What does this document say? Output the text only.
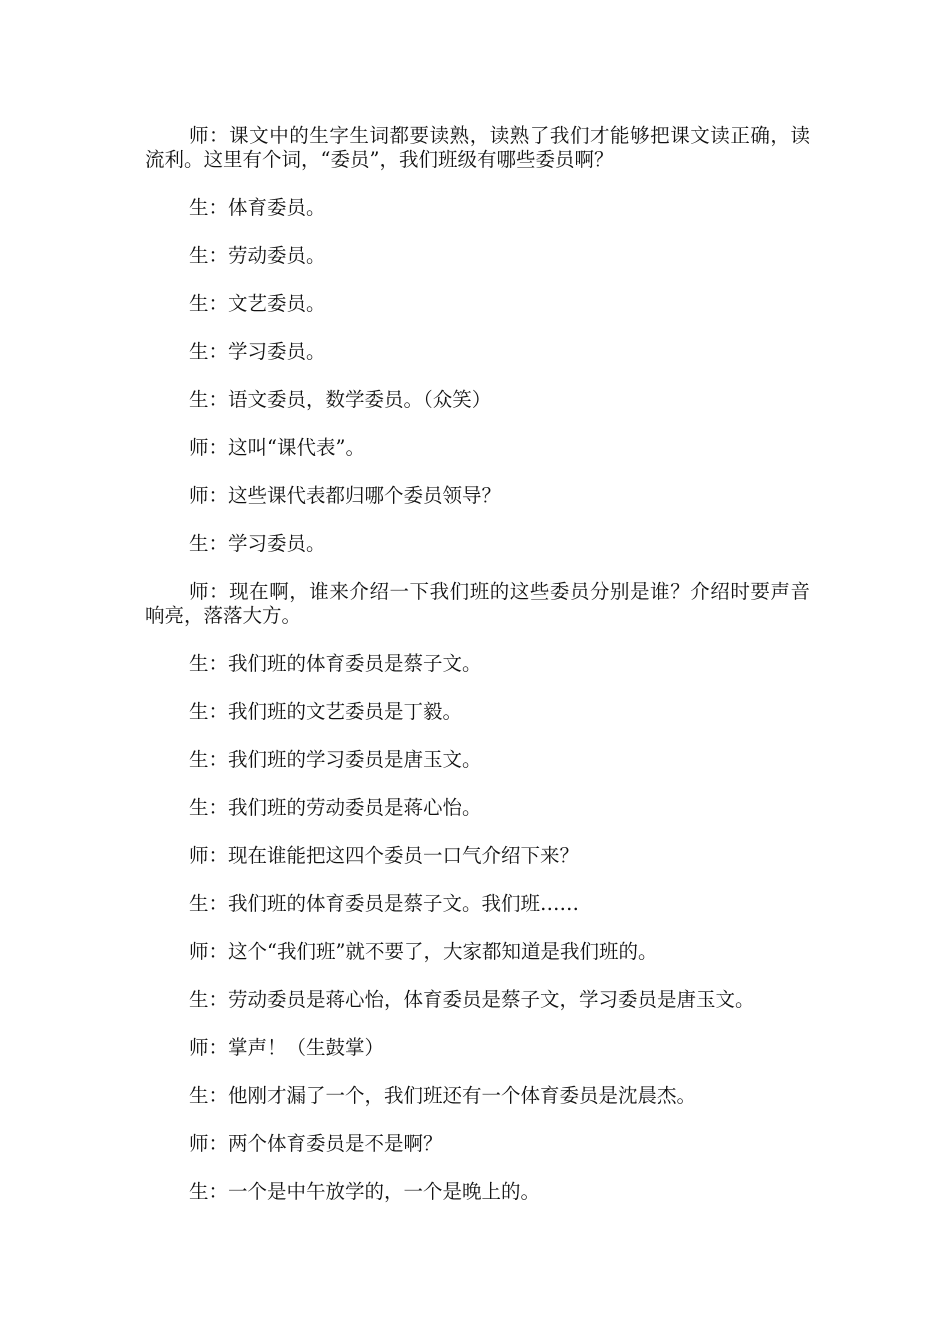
师：课文中的生字生词都要读熟，读熟了我们才能够把课文读正确，读流利。这里有个词，“委员”，我们班级有哪些委员啊？

生：体育委员。

生：劳动委员。

生：文艺委员。

生：学习委员。

生：语文委员，数学委员。（众笑）

师：这叫“课代表”。

师：这些课代表都归哪个委员领导？

生：学习委员。

师：现在啊，谁来介绍一下我们班的这些委员分别是谁？介绍时要声音响亮，落落大方。

生：我们班的体育委员是蔡子文。

生：我们班的文艺委员是丁毅。

生：我们班的学习委员是唐玉文。

生：我们班的劳动委员是蒋心怡。

师：现在谁能把这四个委员一口气介绍下来？

生：我们班的体育委员是蔡子文。我们班……

师：这个“我们班”就不要了，大家都知道是我们班的。

生：劳动委员是蒋心怡，体育委员是蔡子文，学习委员是唐玉文。

师：掌声！（生鼓掌）

生：他刚才漏了一个，我们班还有一个体育委员是沈晨杰。

师：两个体育委员是不是啊？

生：一个是中午放学的，一个是晚上的。
